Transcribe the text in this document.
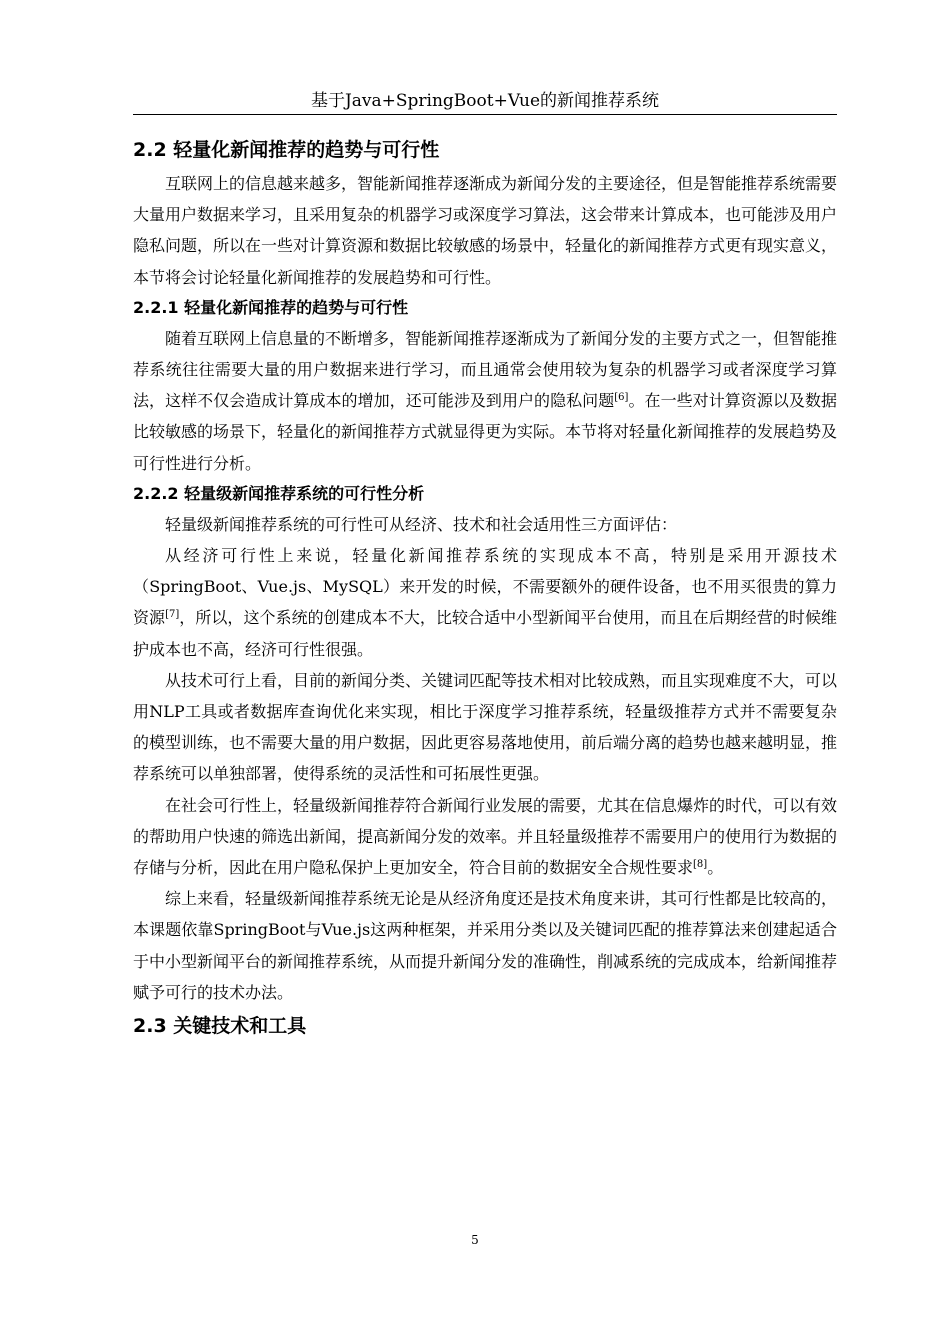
基于Java+SpringBoot+Vue的新闻推荐系统
2.2 轻量化新闻推荐的趋势与可行性

互联网上的信息越来越多，智能新闻推荐逐渐成为新闻分发的主要途径，但是智能推荐系统需要大量用户数据来学习，且采用复杂的机器学习或深度学习算法，这会带来计算成本，也可能涉及用户隐私问题，所以在一些对计算资源和数据比较敏感的场景中，轻量化的新闻推荐方式更有现实意义，本节将会讨论轻量化新闻推荐的发展趋势和可行性。

2.2.1 轻量化新闻推荐的趋势与可行性

随着互联网上信息量的不断增多，智能新闻推荐逐渐成为了新闻分发的主要方式之一，但智能推荐系统往往需要大量的用户数据来进行学习，而且通常会使用较为复杂的机器学习或者深度学习算法，这样不仅会造成计算成本的增加，还可能涉及到用户的隐私问题[6]。在一些对计算资源以及数据比较敏感的场景下，轻量化的新闻推荐方式就显得更为实际。本节将对轻量化新闻推荐的发展趋势及可行性进行分析。

2.2.2 轻量级新闻推荐系统的可行性分析

轻量级新闻推荐系统的可行性可从经济、技术和社会适用性三方面评估：

从经济可行性上来说，轻量化新闻推荐系统的实现成本不高，特别是采用开源技术（SpringBoot、Vue.js、MySQL）来开发的时候，不需要额外的硬件设备，也不用买很贵的算力资源[7]，所以，这个系统的创建成本不大，比较合适中小型新闻平台使用，而且在后期经营的时候维护成本也不高，经济可行性很强。

从技术可行上看，目前的新闻分类、关键词匹配等技术相对比较成熟，而且实现难度不大，可以用NLP工具或者数据库查询优化来实现，相比于深度学习推荐系统，轻量级推荐方式并不需要复杂的模型训练，也不需要大量的用户数据，因此更容易落地使用，前后端分离的趋势也越来越明显，推荐系统可以单独部署，使得系统的灵活性和可拓展性更强。

在社会可行性上，轻量级新闻推荐符合新闻行业发展的需要，尤其在信息爆炸的时代，可以有效的帮助用户快速的筛选出新闻，提高新闻分发的效率。并且轻量级推荐不需要用户的使用行为数据的存储与分析，因此在用户隐私保护上更加安全，符合目前的数据安全合规性要求[8]。

综上来看，轻量级新闻推荐系统无论是从经济角度还是技术角度来讲，其可行性都是比较高的，本课题依靠SpringBoot与Vue.js这两种框架，并采用分类以及关键词匹配的推荐算法来创建起适合于中小型新闻平台的新闻推荐系统，从而提升新闻分发的准确性，削减系统的完成成本，给新闻推荐赋予可行的技术办法。

2.3 关键技术和工具
5
